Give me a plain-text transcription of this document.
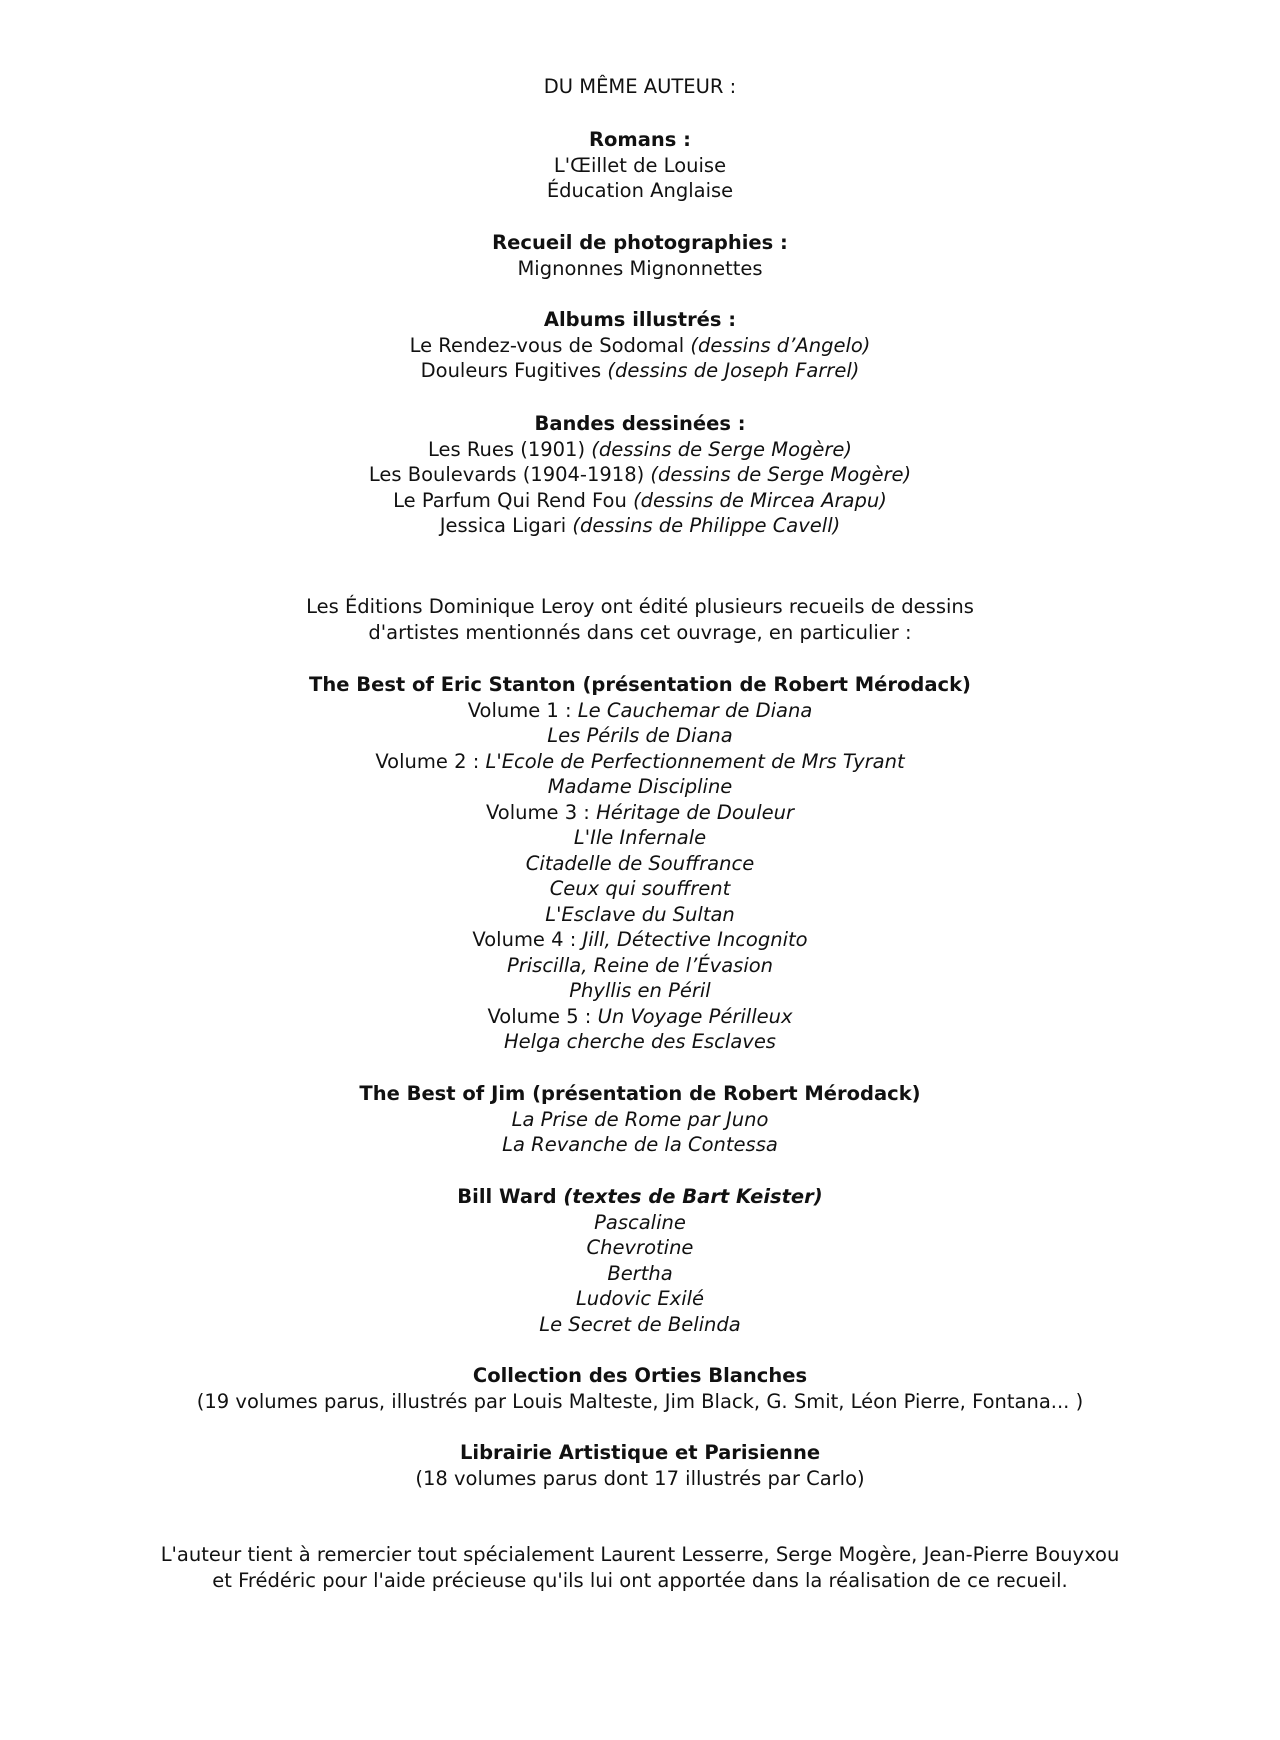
DU MÊME AUTEUR :
Romans :
L'Œillet de Louise
Éducation Anglaise
Recueil de photographies :
Mignonnes Mignonnettes
Albums illustrés :
Le Rendez-vous de Sodomal (dessins d’Angelo)
Douleurs Fugitives (dessins de Joseph Farrel)
Bandes dessinées :
Les Rues (1901) (dessins de Serge Mogère)
Les Boulevards (1904-1918) (dessins de Serge Mogère)
Le Parfum Qui Rend Fou (dessins de Mircea Arapu)
Jessica Ligari (dessins de Philippe Cavell)
Les Éditions Dominique Leroy ont édité plusieurs recueils de dessins
d'artistes mentionnés dans cet ouvrage, en particulier :
The Best of Eric Stanton (présentation de Robert Mérodack)
Volume 1 : Le Cauchemar de Diana
Les Périls de Diana
Volume 2 : L'Ecole de Perfectionnement de Mrs Tyrant
Madame Discipline
Volume 3 : Héritage de Douleur
L'Ile Infernale
Citadelle de Souffrance
Ceux qui souffrent
L'Esclave du Sultan
Volume 4 : Jill, Détective Incognito
Priscilla, Reine de l’Évasion
Phyllis en Péril
Volume 5 : Un Voyage Périlleux
Helga cherche des Esclaves
The Best of Jim (présentation de Robert Mérodack)
La Prise de Rome par Juno
La Revanche de la Contessa
Bill Ward (textes de Bart Keister)
Pascaline
Chevrotine
Bertha
Ludovic Exilé
Le Secret de Belinda
Collection des Orties Blanches
(19 volumes parus, illustrés par Louis Malteste, Jim Black, G. Smit, Léon Pierre, Fontana... )
Librairie Artistique et Parisienne
(18 volumes parus dont 17 illustrés par Carlo)
L'auteur tient à remercier tout spécialement Laurent Lesserre, Serge Mogère, Jean-Pierre Bouyxou
et Frédéric pour l'aide précieuse qu'ils lui ont apportée dans la réalisation de ce recueil.
